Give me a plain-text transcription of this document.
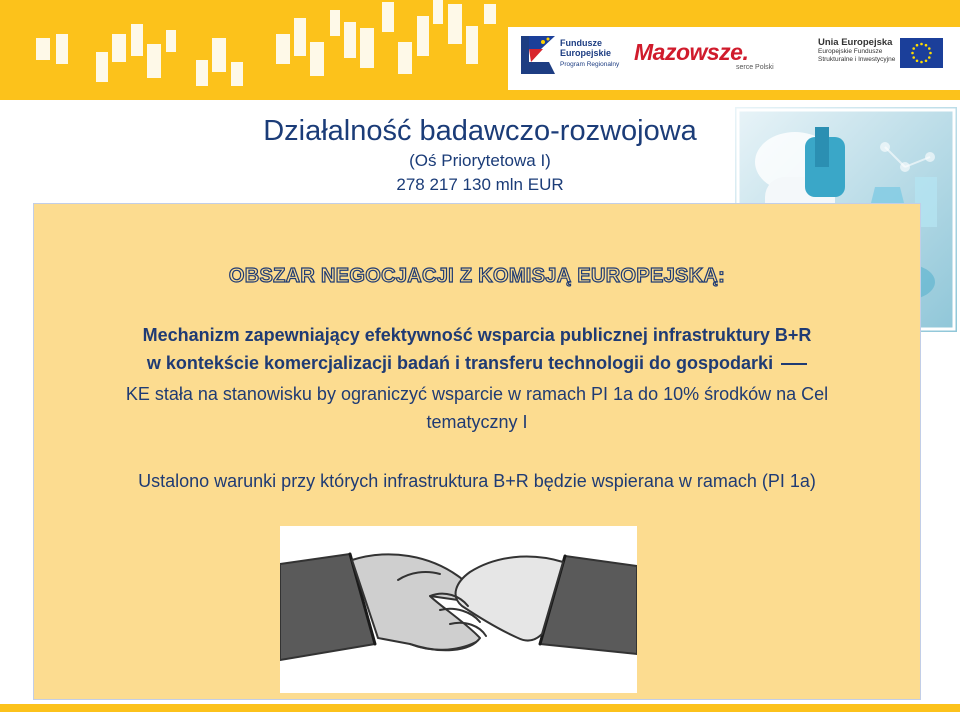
Fundusze
Europejskie
Program Regionalny Mazowsze.
serce Polski
Unia Europejska
Europejskie Fundusze
Strukturalne i Inwestycyjne
Działalność badawczo-rozwojowa
(Oś Priorytetowa I)
278 217 130 mln EUR
OBSZAR NEGOCJACJI Z KOMISJĄ EUROPEJSKĄ:
Mechanizm zapewniający efektywność wsparcia publicznej infrastruktury B+R
w kontekście komercjalizacji badań i transferu technologii do gospodarki
KE stała na stanowisku by ograniczyć wsparcie w ramach PI 1a do 10% środków na Cel
tematyczny I
Ustalono warunki przy których infrastruktura B+R będzie wspierana w ramach (PI 1a)
